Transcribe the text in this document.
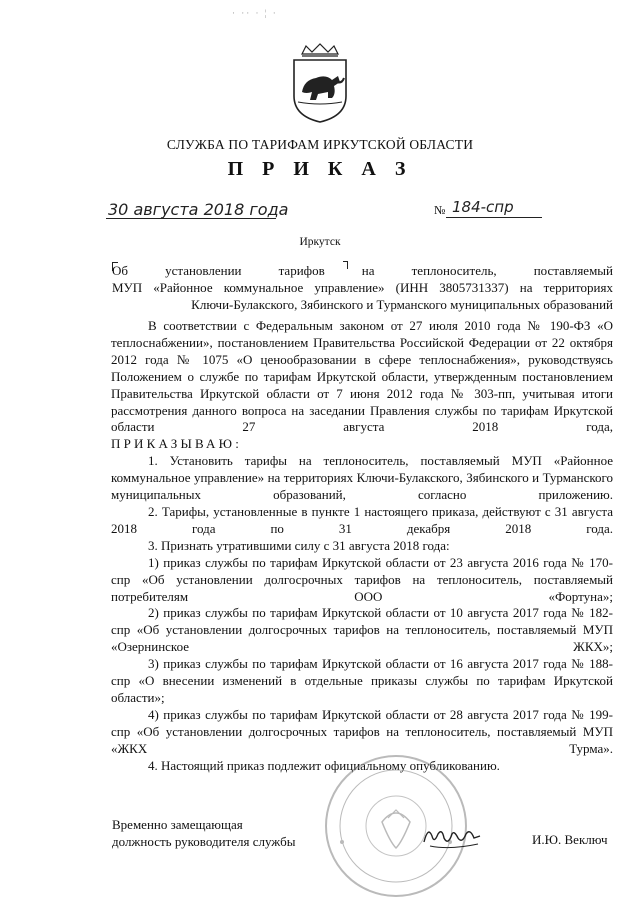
· ·· · ¦ ·
СЛУЖБА ПО ТАРИФАМ ИРКУТСКОЙ ОБЛАСТИ
П Р И К А З
30 августа 2018 года	№ 184-спр
Иркутск
Об установлении тарифов на теплоноситель, поставляемый
МУП «Районное коммунальное управление» (ИНН 3805731337) на территориях
Ключи-Булакского, Зябинского и Турманского муниципальных образований

В соответствии с Федеральным законом от 27 июля 2010 года № 190-ФЗ «О теплоснабжении», постановлением Правительства Российской Федерации от 22 октября 2012 года № 1075 «О ценообразовании в сфере теплоснабжения», руководствуясь Положением о службе по тарифам Иркутской области, утвержденным постановлением Правительства Иркутской области от 7 июня 2012 года № 303-пп, учитывая итоги рассмотрения данного вопроса на заседании Правления службы по тарифам Иркутской области 27 августа 2018 года,

ПРИКАЗЫВАЮ:

1. Установить тарифы на теплоноситель, поставляемый МУП «Районное коммунальное управление» на территориях Ключи-Булакского, Зябинского и Турманского муниципальных образований, согласно приложению.

2. Тарифы, установленные в пункте 1 настоящего приказа, действуют с 31 августа 2018 года по 31 декабря 2018 года.

3. Признать утратившими силу с 31 августа 2018 года:

1) приказ службы по тарифам Иркутской области от 23 августа 2016 года № 170-спр «Об установлении долгосрочных тарифов на теплоноситель, поставляемый потребителям ООО «Фортуна»;

2) приказ службы по тарифам Иркутской области от 10 августа 2017 года № 182-спр «Об установлении долгосрочных тарифов на теплоноситель, поставляемый МУП «Озернинское ЖКХ»;

3) приказ службы по тарифам Иркутской области от 16 августа 2017 года № 188-спр «О внесении изменений в отдельные приказы службы по тарифам Иркутской области»;

4) приказ службы по тарифам Иркутской области от 28 августа 2017 года № 199-спр «Об установлении долгосрочных тарифов на теплоноситель, поставляемый МУП «ЖКХ Турма».

4. Настоящий приказ подлежит официальному опубликованию.

Временно замещающая
должность руководителя службы	И.Ю. Веключ
